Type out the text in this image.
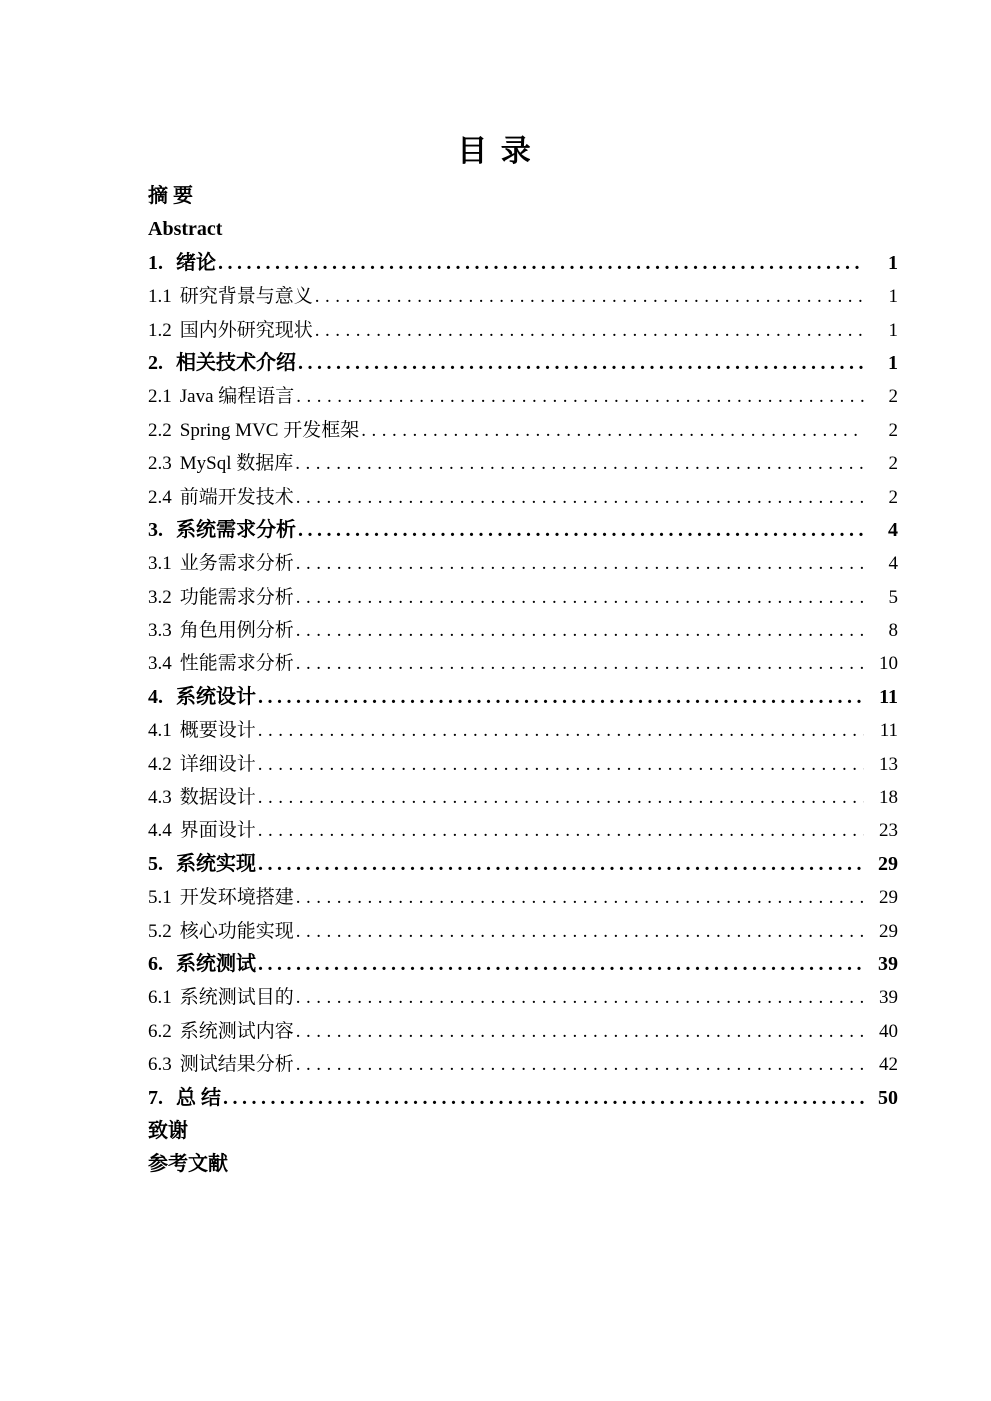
目 录
摘 要
Abstract
1. 绪论 .....	1
1.1 研究背景与意义 .....	1
1.2 国内外研究现状 .....	1
2. 相关技术介绍 .....	1
2.1 Java 编程语言 .....	2
2.2 Spring MVC 开发框架 .....	2
2.3 MySql 数据库 .....	2
2.4 前端开发技术 .....	2
3. 系统需求分析 .....	4
3.1 业务需求分析 .....	4
3.2 功能需求分析 .....	5
3.3 角色用例分析 .....	8
3.4 性能需求分析 .....	10
4. 系统设计 .....	11
4.1 概要设计 .....	11
4.2 详细设计 .....	13
4.3 数据设计 .....	18
4.4 界面设计 .....	23
5. 系统实现 .....	29
5.1 开发环境搭建 .....	29
5.2 核心功能实现 .....	29
6. 系统测试 .....	39
6.1 系统测试目的 .....	39
6.2 系统测试内容 .....	40
6.3 测试结果分析 .....	42
7. 总 结 .....	50
致谢
参考文献
